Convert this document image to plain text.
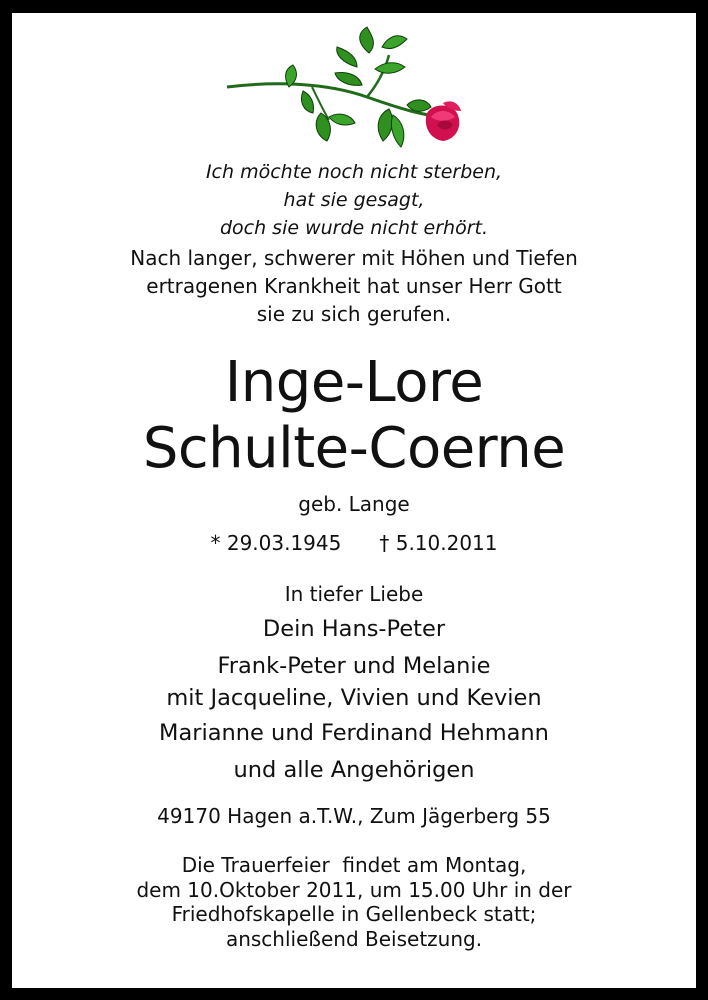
Ich möchte noch nicht sterben,
hat sie gesagt,
doch sie wurde nicht erhört.
Nach langer, schwerer mit Höhen und Tiefen
ertragenen Krankheit hat unser Herr Gott
sie zu sich gerufen.
Inge-Lore
Schulte-Coerne
geb. Lange
* 29.03.1945 † 5.10.2011
In tiefer Liebe
Dein Hans-Peter
Frank-Peter und Melanie
mit Jacqueline, Vivien und Kevien
Marianne und Ferdinand Hehmann
und alle Angehörigen
49170 Hagen a.T.W., Zum Jägerberg 55
Die Trauerfeier  findet am Montag,
dem 10.Oktober 2011, um 15.00 Uhr in der
Friedhofskapelle in Gellenbeck statt;
anschließend Beisetzung.
